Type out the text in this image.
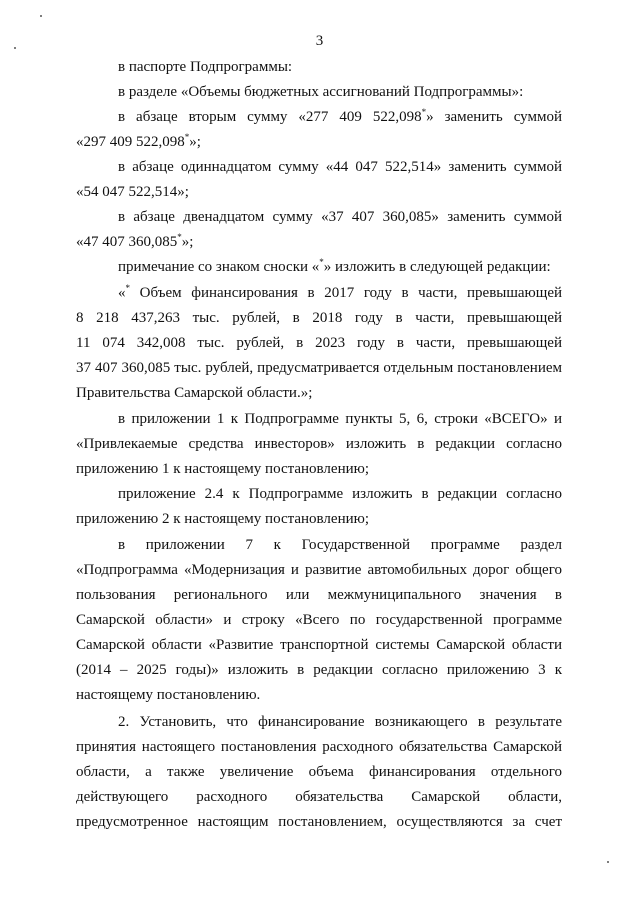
3
в паспорте Подпрограммы:
в разделе «Объемы бюджетных ассигнований Подпрограммы»:
в абзаце вторым сумму «277 409 522,098*» заменить суммой
«297 409 522,098*»;
в абзаце одиннадцатом сумму «44 047 522,514» заменить суммой
«54 047 522,514»;
в абзаце двенадцатом сумму «37 407 360,085» заменить суммой
«47 407 360,085*»;
примечание со знаком сноски «*» изложить в следующей редакции:
«* Объем финансирования в 2017 году в части, превышающей
8 218 437,263 тыс. рублей, в 2018 году в части, превышающей
11 074 342,008 тыс. рублей, в 2023 году в части, превышающей
37 407 360,085 тыс. рублей, предусматривается отдельным постановлением
Правительства Самарской области.»;
в приложении 1 к Подпрограмме пункты 5, 6, строки «ВСЕГО» и
«Привлекаемые средства инвесторов» изложить в редакции согласно
приложению 1 к настоящему постановлению;
приложение 2.4 к Подпрограмме изложить в редакции согласно
приложению 2 к настоящему постановлению;
в приложении 7 к Государственной программе раздел
«Подпрограмма «Модернизация и развитие автомобильных дорог общего
пользования регионального или межмуниципального значения в
Самарской области» и строку «Всего по государственной программе
Самарской области «Развитие транспортной системы Самарской области
(2014 – 2025 годы)» изложить в редакции согласно приложению 3 к
настоящему постановлению.
2. Установить, что финансирование возникающего в результате
принятия настоящего постановления расходного обязательства Самарской
области, а также увеличение объема финансирования отдельного
действующего расходного обязательства Самарской области,
предусмотренное настоящим постановлением, осуществляются за счет
